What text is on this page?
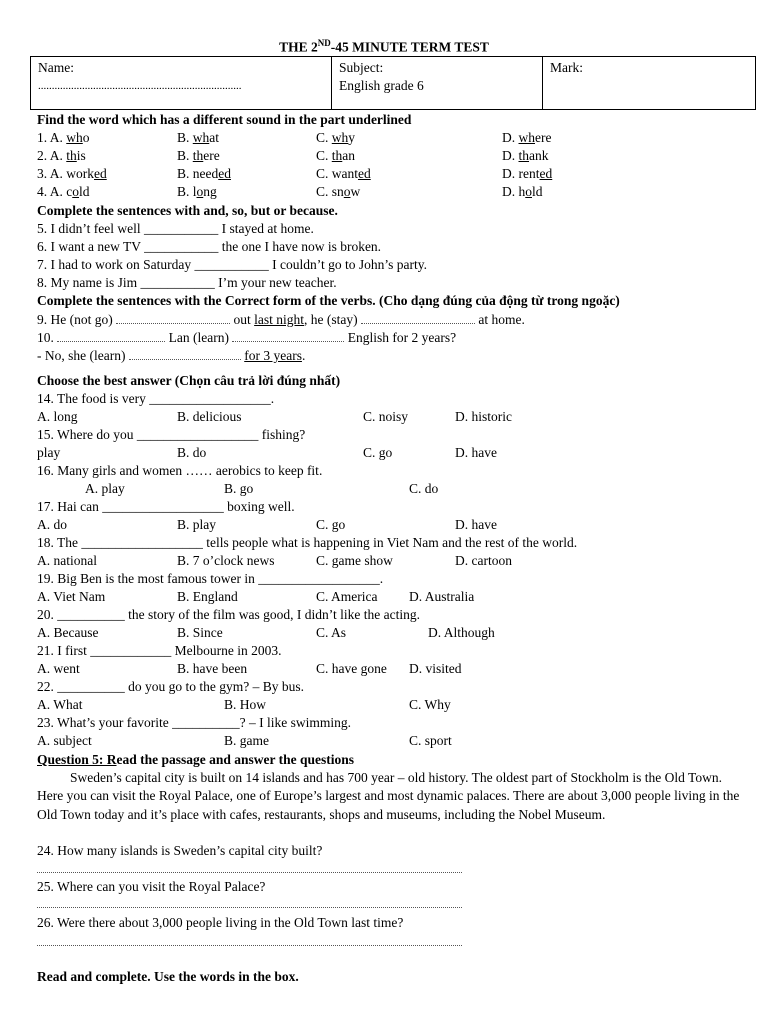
THE 2ND-45 MINUTE TERM TEST
Name:
..........................................................................

Subject:
English grade 6

Mark:
Find the word which has a different sound in the part underlined
Complete the sentences with and, so, but or because.
5. I didn’t feel well ___________ I stayed at home.
6. I want a new TV ___________ the one I have now is broken.
7. I had to work on Saturday ___________ I couldn’t go to John’s party.
8. My name is Jim ___________ I’m your new teacher.
Complete the sentences with the Correct form of the verbs. (Cho dạng đúng của động từ trong ngoặc)
9. He (not go)	out last night, he (stay)	at home.
10.	Lan (learn)	English for 2 years?
- No, she (learn)	for 3 years.
Choose the best answer (Chọn câu trả lời đúng nhất)
Question 5: Read the passage and answer the questions
Sweden’s capital city is built on 14 islands and has 700 year – old history. The oldest part of Stockholm is the Old Town. Here you can visit the Royal Palace, one of Europe’s largest and most dynamic palaces. There are about 3,000 people living in the Old Town today and it’s place with cafes, restaurants, shops and museums, including the Nobel Museum.
24. How many islands is Sweden’s capital city built?
25. Where can you visit the Royal Palace?
26. Were there about 3,000 people living in the Old Town last time?
Read and complete. Use the words in the box.
1. A. who	B. what	C. why	D. where
2. A. this	B. there	C. than	D. thank
3. A. worked	B. needed	C. wanted	D. rented
4. A. cold	B. long	C. snow	D. hold
14. The food is very __________________.
A. long	B. delicious	C. noisy	D. historic
15. Where do you __________________ fishing?
play	B. do	C. go	D. have
16. Many girls and women …… aerobics to keep fit.
A. play	B. go	C. do
17. Hai can __________________ boxing well.
A. do	B. play	C. go	D. have
18. The __________________ tells people what is happening in Viet Nam and the rest of the world.
A. national	B. 7 o’clock news	C. game show	D. cartoon
19. Big Ben is the most famous tower in __________________.
A. Viet Nam	B. England	C. America D. Australia
20. __________ the story of the film was good, I didn’t like the acting.
A. Because	B. Since	C. As	D. Although
21. I first ____________ Melbourne in 2003.
A. went	B. have been	C. have gone D. visited
22. __________ do you go to the gym? – By bus.
A. What	B. How	C. Why
23. What’s your favorite __________? – I like swimming.
A. subject	B. game	C. sport
